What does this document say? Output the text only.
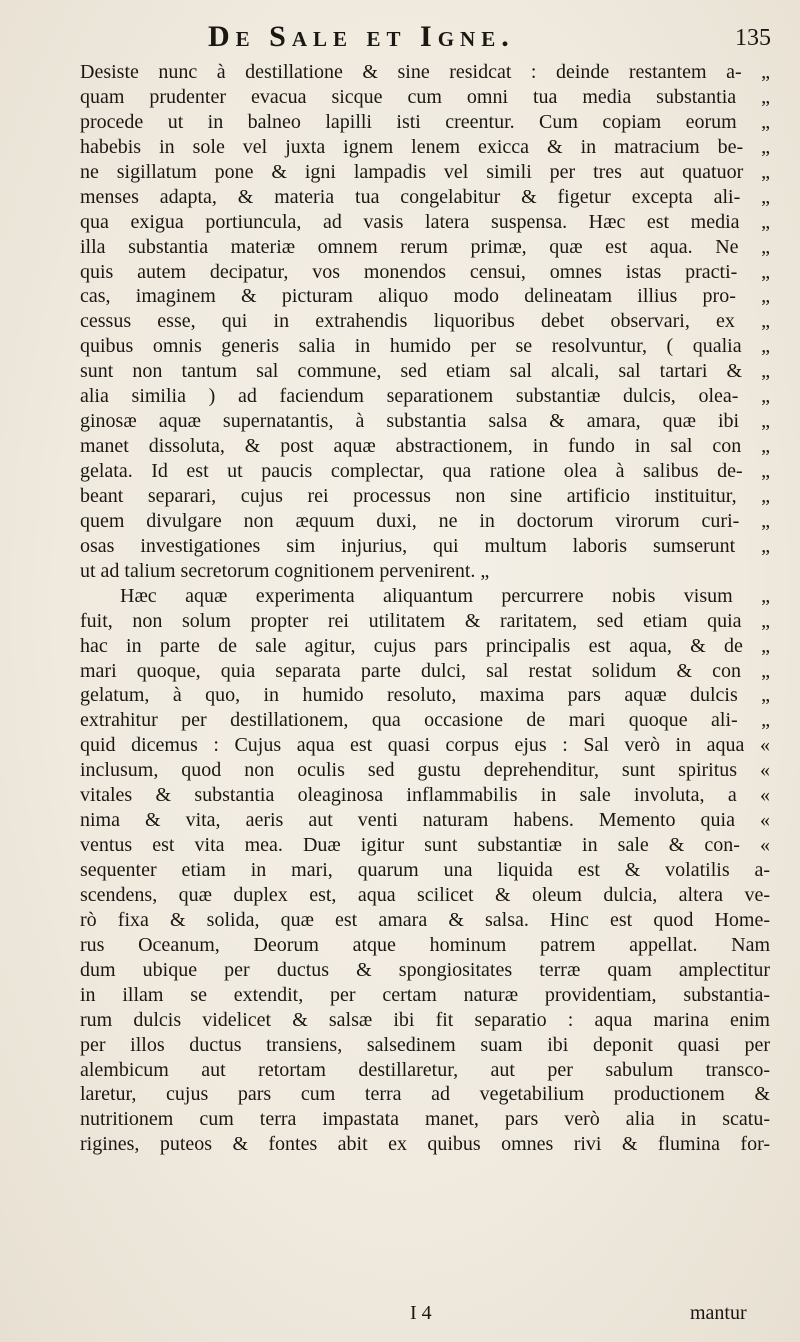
De Sale et Igne.	135
Desiste nunc à destillatione & sine residcat : deinde restantem a- „
quam prudenter evacua sicque cum omni tua media substantia „
procede ut in balneo lapilli isti creentur. Cum copiam eorum „
habebis in sole vel juxta ignem lenem exicca & in matracium be- „
ne sigillatum pone & igni lampadis vel simili per tres aut quatuor „
menses adapta, & materia tua congelabitur & figetur excepta ali- „
qua exigua portiuncula, ad vasis latera suspensa. Hæc est media „
illa substantia materiæ omnem rerum primæ, quæ est aqua. Ne „
quis autem decipatur, vos monendos censui, omnes istas practi- „
cas, imaginem & picturam aliquo modo delineatam illius pro- „
cessus esse, qui in extrahendis liquoribus debet observari, ex „
quibus omnis generis salia in humido per se resolvuntur, ( qualia „
sunt non tantum sal commune, sed etiam sal alcali, sal tartari & „
alia similia ) ad faciendum separationem substantiæ dulcis, olea- „
ginosæ aquæ supernatantis, à substantia salsa & amara, quæ ibi „
manet dissoluta, & post aquæ abstractionem, in fundo in sal con „
gelata. Id est ut paucis complectar, qua ratione olea à salibus de- „
beant separari, cujus rei processus non sine artificio instituitur, „
quem divulgare non æquum duxi, ne in doctorum virorum curi- „
osas investigationes sim injurius, qui multum laboris sumserunt „
ut ad talium secretorum cognitionem pervenirent. „
Hæc aquæ experimenta aliquantum percurrere nobis visum „
fuit, non solum propter rei utilitatem & raritatem, sed etiam quia „
hac in parte de sale agitur, cujus pars principalis est aqua, & de „
mari quoque, quia separata parte dulci, sal restat solidum & con „
gelatum, à quo, in humido resoluto, maxima pars aquæ dulcis „
extrahitur per destillationem, qua occasione de mari quoque ali- „
quid dicemus : Cujus aqua est quasi corpus ejus : Sal verò in aqua «
inclusum, quod non oculis sed gustu deprehenditur, sunt spiritus «
vitales & substantia oleaginosa inflammabilis in sale involuta, a «
nima & vita, aeris aut venti naturam habens. Memento quia «
ventus est vita mea. Duæ igitur sunt substantiæ in sale & con- «
sequenter etiam in mari, quarum una liquida est & volatilis a-
scendens, quæ duplex est, aqua scilicet & oleum dulcia, altera ve-
rò fixa & solida, quæ est amara & salsa. Hinc est quod Home-
rus Oceanum, Deorum atque hominum patrem appellat. Nam
dum ubique per ductus & spongiositates terræ quam amplectitur
in illam se extendit, per certam naturæ providentiam, substantia-
rum dulcis videlicet & salsæ ibi fit separatio : aqua marina enim
per illos ductus transiens, salsedinem suam ibi deponit quasi per
alembicum aut retortam destillaretur, aut per sabulum transco-
laretur, cujus pars cum terra ad vegetabilium productionem &
nutritionem cum terra impastata manet, pars verò alia in scatu-
rigines, puteos & fontes abit ex quibus omnes rivi & flumina for-
I 4	mantur
